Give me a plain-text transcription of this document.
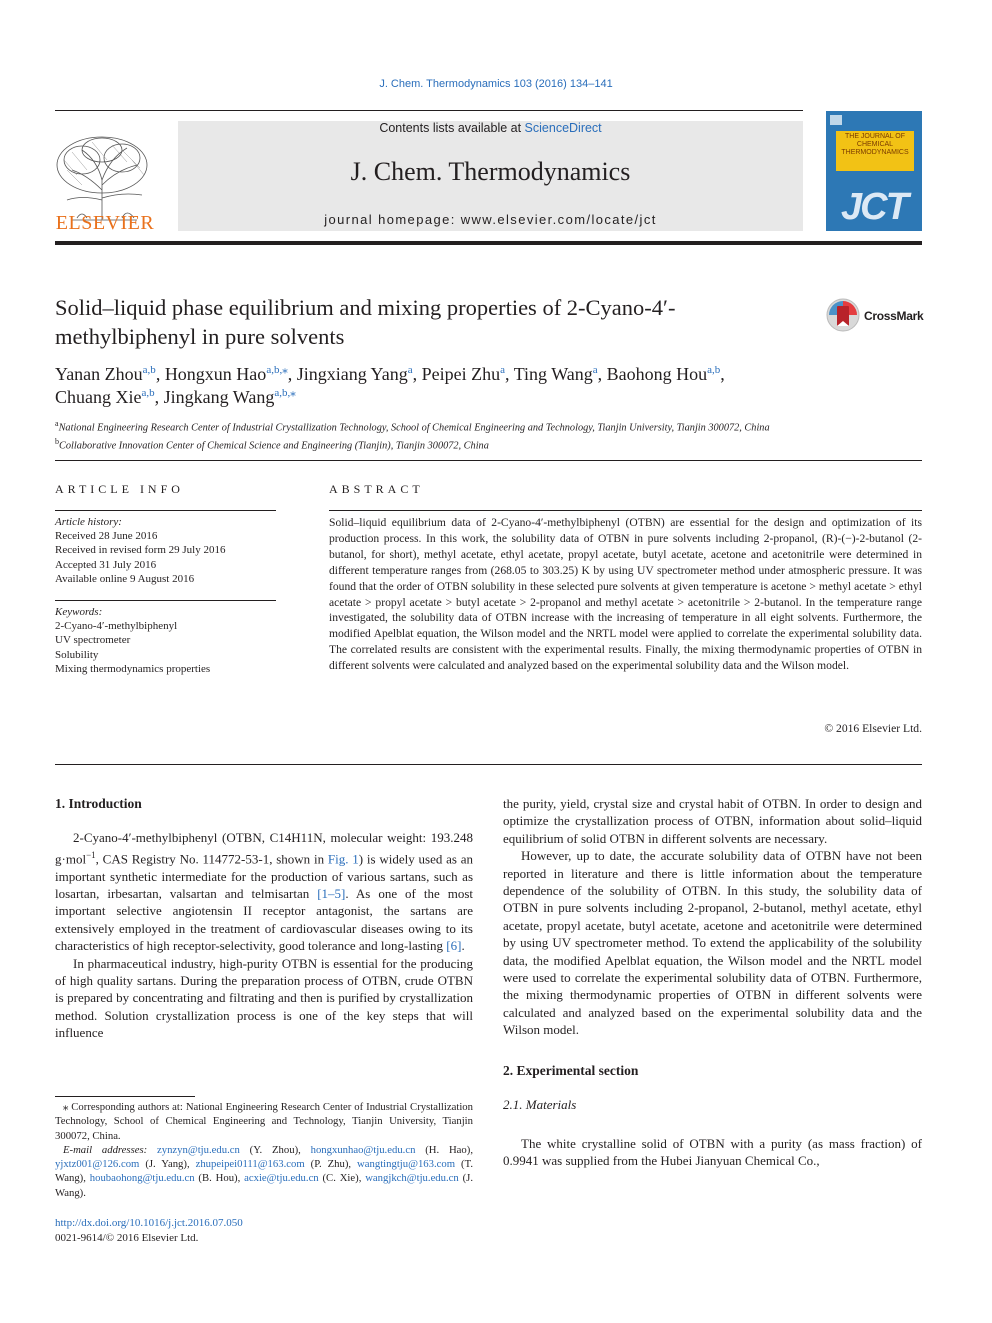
J. Chem. Thermodynamics 103 (2016) 134–141
ELSEVIER
Contents lists available at ScienceDirect
J. Chem. Thermodynamics
journal homepage: www.elsevier.com/locate/jct
THE JOURNAL OF CHEMICAL THERMODYNAMICS
JCT
Solid–liquid phase equilibrium and mixing properties of 2-Cyano-4′-methylbiphenyl in pure solvents
CrossMark
Yanan Zhou$^{a,b}$, Hongxun Hao$^{a,b,⁎}$, Jingxiang Yang$^a$, Peipei Zhu$^a$, Ting Wang$^a$, Baohong Hou$^{a,b}$,
Chuang Xie$^{a,b}$, Jingkang Wang$^{a,b,⁎}$
$^a$National Engineering Research Center of Industrial Crystallization Technology, School of Chemical Engineering and Technology, Tianjin University, Tianjin 300072, China
$^b$Collaborative Innovation Center of Chemical Science and Engineering (Tianjin), Tianjin 300072, China
ARTICLE INFO
Article history:
Received 28 June 2016
Received in revised form 29 July 2016
Accepted 31 July 2016
Available online 9 August 2016
Keywords:
2-Cyano-4′-methylbiphenyl
UV spectrometer
Solubility
Mixing thermodynamics properties
ABSTRACT
Solid–liquid equilibrium data of 2-Cyano-4′-methylbiphenyl (OTBN) are essential for the design and optimization of its production process. In this work, the solubility data of OTBN in pure solvents including 2-propanol, (R)-(−)-2-butanol (2-butanol, for short), methyl acetate, ethyl acetate, propyl acetate, butyl acetate, acetone and acetonitrile were determined in different temperature ranges from (268.05 to 303.25) K by using UV spectrometer method under atmospheric pressure. It was found that the order of OTBN solubility in these selected pure solvents at given temperature is acetone > methyl acetate > ethyl acetate > propyl acetate > butyl acetate > 2-propanol and methyl acetate > acetonitrile > 2-butanol. In the temperature range investigated, the solubility data of OTBN increase with the increasing of temperature in all eight solvents. Furthermore, the modified Apelblat equation, the Wilson model and the NRTL model were applied to correlate the experimental solubility data. The correlated results are consistent with the experimental results. Finally, the mixing thermodynamic properties of OTBN in different solvents were calculated and analyzed based on the experimental solubility data and the Wilson model.
© 2016 Elsevier Ltd.

1. Introduction

2-Cyano-4′-methylbiphenyl (OTBN, C14H11N, molecular weight: 193.248 g·mol$^{-1}$, CAS Registry No. 114772-53-1, shown in Fig. 1) is widely used as an important synthetic intermediate for the production of various sartans, such as losartan, irbesartan, valsartan and telmisartan [1–5]. As one of the most important selective angiotensin II receptor antagonist, the sartans are extensively employed in the treatment of cardiovascular diseases owing to its characteristics of high receptor-selectivity, good tolerance and long-lasting [6].

In pharmaceutical industry, high-purity OTBN is essential for the producing of high quality sartans. During the preparation process of OTBN, crude OTBN is prepared by concentrating and filtrating and then is purified by crystallization method. Solution crystallization process is one of the key steps that will influence

⁎ Corresponding authors at: National Engineering Research Center of Industrial Crystallization Technology, School of Chemical Engineering and Technology, Tianjin University, Tianjin 300072, China.
E-mail addresses: zynzyn@tju.edu.cn (Y. Zhou), hongxunhao@tju.edu.cn (H. Hao), yjxtz001@126.com (J. Yang), zhupeipei0111@163.com (P. Zhu), wangtingtju@163.com (T. Wang), houbaohong@tju.edu.cn (B. Hou), acxie@tju.edu.cn (C. Xie), wangjkch@tju.edu.cn (J. Wang).
http://dx.doi.org/10.1016/j.jct.2016.07.050
0021-9614/© 2016 Elsevier Ltd.

the purity, yield, crystal size and crystal habit of OTBN. In order to design and optimize the crystallization process of OTBN, information about solid–liquid equilibrium of solid OTBN in different solvents are necessary.

However, up to date, the accurate solubility data of OTBN have not been reported in literature and there is little information about the temperature dependence of the solubility of OTBN. In this study, the solubility data of OTBN in pure solvents including 2-propanol, 2-butanol, methyl acetate, ethyl acetate, propyl acetate, butyl acetate, acetone and acetonitrile were determined by using UV spectrometer method. To extend the applicability of the solubility data, the modified Apelblat equation, the Wilson model and the NRTL model were used to correlate the experimental solubility data of OTBN. Furthermore, the mixing thermodynamic properties of OTBN in different solvents were calculated and analyzed based on the experimental solubility data and the Wilson model.

2. Experimental section

2.1. Materials

The white crystalline solid of OTBN with a purity (as mass fraction) of 0.9941 was supplied from the Hubei Jianyuan Chemical Co.,
